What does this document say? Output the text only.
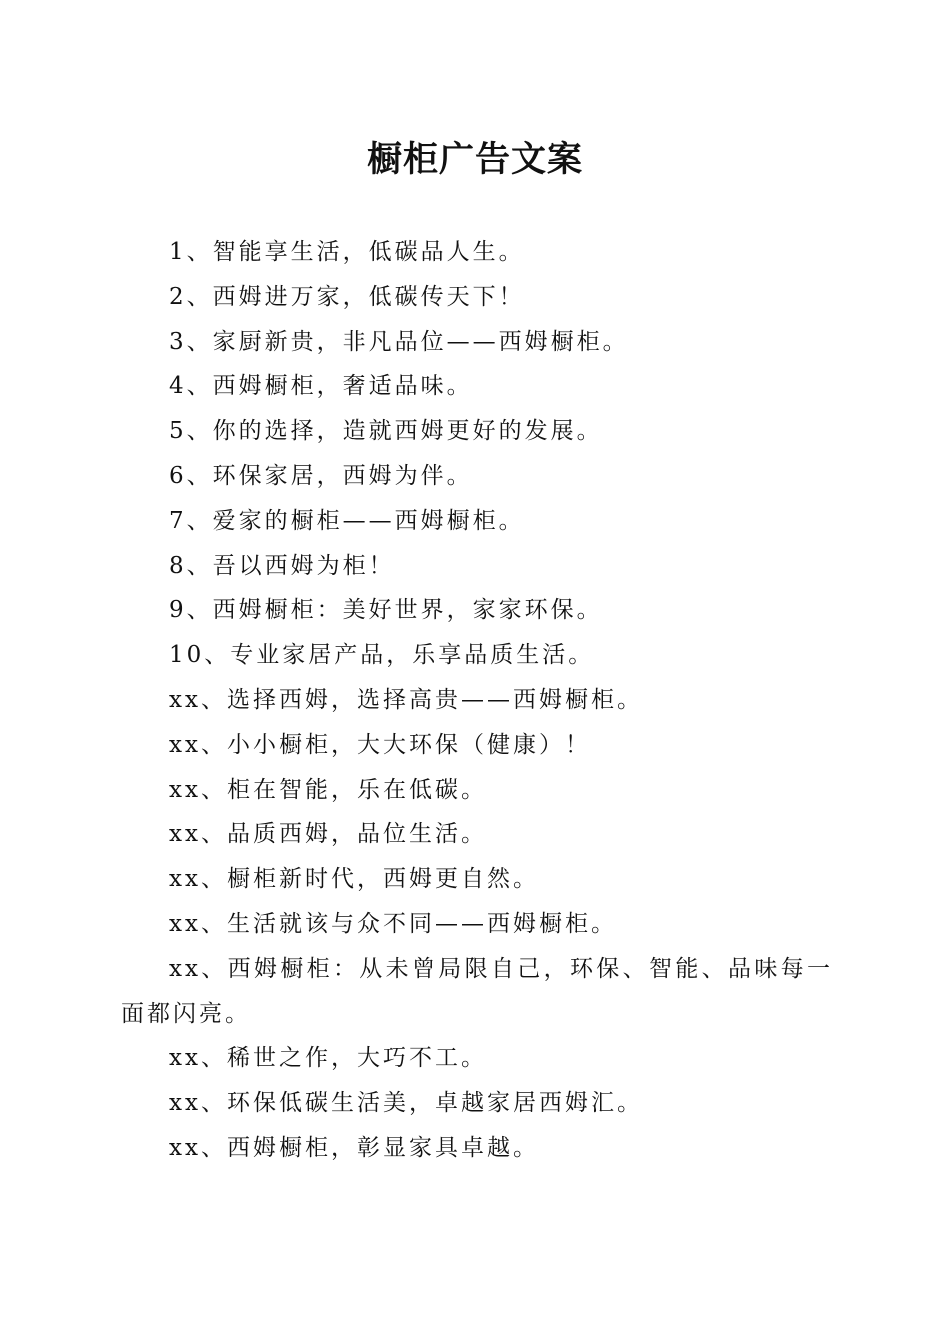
橱柜广告文案
1、智能享生活，低碳品人生。
2、西姆进万家，低碳传天下！
3、家厨新贵，非凡品位——西姆橱柜。
4、西姆橱柜，奢适品味。
5、你的选择，造就西姆更好的发展。
6、环保家居，西姆为伴。
7、爱家的橱柜——西姆橱柜。
8、吾以西姆为柜！
9、西姆橱柜：美好世界，家家环保。
10、专业家居产品，乐享品质生活。
xx、选择西姆，选择高贵——西姆橱柜。
xx、小小橱柜，大大环保（健康）！
xx、柜在智能，乐在低碳。
xx、品质西姆，品位生活。
xx、橱柜新时代，西姆更自然。
xx、生活就该与众不同——西姆橱柜。
xx、西姆橱柜：从未曾局限自己，环保、智能、品味每一面都闪亮。
xx、稀世之作，大巧不工。
xx、环保低碳生活美，卓越家居西姆汇。
xx、西姆橱柜，彰显家具卓越。
